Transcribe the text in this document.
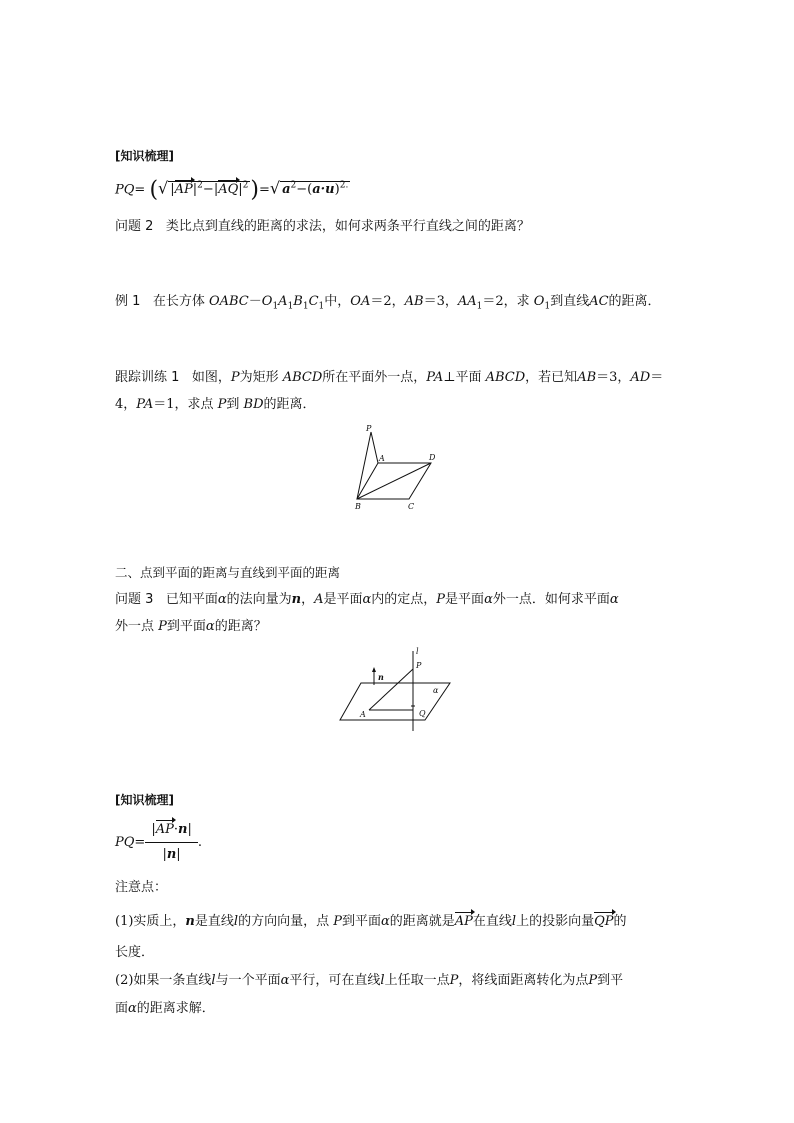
[知识梳理]
PQ= (√ $|AP|^2-|AQ|^2)=√$ $a^2-(a\cdot u)^{2.}$
问题 2 类比点到直线的距离的求法，如何求两条平行直线之间的距离？
例 1 在长方体 $OABC-O_1A_1B_1C_1$中，OA＝2，AB＝3，$AA_1=2$，求 $O_1$到直线AC的距离．
跟踪训练 1 如图，P为矩形 ABCD所在平面外一点，PA⊥平面 ABCD，若已知AB＝3，AD＝
4，PA＝1，求点 P到 BD的距离．
P
A	D
B	C
二、点到平面的距离与直线到平面的距离
问题 3 已知平面α的法向量为n，A是平面α内的定点，P是平面α外一点．如何求平面α
外一点 P到平面α的距离？
l
P
n
α
A	Q
[知识梳理]
$PQ= \frac{|AP\cdot n|}{|n|}$ .
注意点：
(1)实质上，n是直线l的方向向量，点 P到平面α的距离就是AP在直线l上的投影向量QP的
长度．
(2)如果一条直线l与一个平面α平行，可在直线l上任取一点P，将线面距离转化为点P到平
面α的距离求解．
